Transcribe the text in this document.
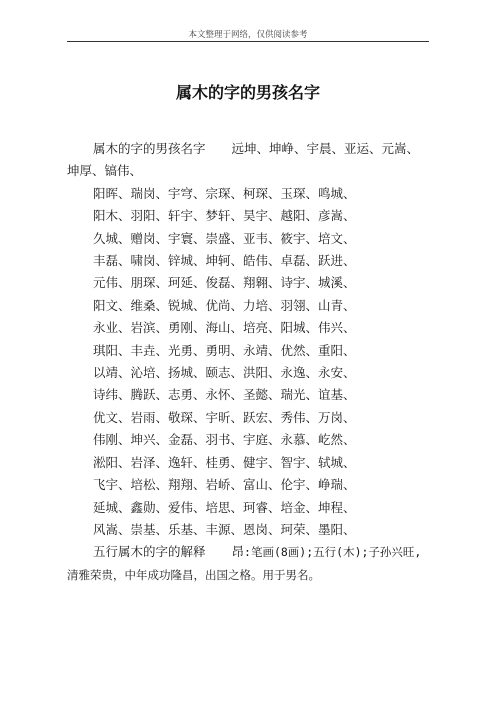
本文整理于网络，仅供阅读参考
属木的字的男孩名字
属木的字的男孩名字 远坤、坤峥、宇晨、亚运、元嵩、坤厚、镐伟、
阳晖、瑞岗、宇穹、宗琛、柯琛、玉琛、鸣城、
阳木、羽阳、轩宇、梦轩、昊宇、越阳、彦嵩、
久城、赠岗、宇寰、崇盛、亚韦、筱宇、培文、
丰磊、啸岗、锌城、坤轲、皓伟、卓磊、跃进、
元伟、朋琛、珂延、俊磊、翔翱、诗宇、城溪、
阳文、维桑、锐城、优尚、力培、羽翎、山青、
永业、岩滨、勇刚、海山、培亮、阳城、伟兴、
琪阳、丰垚、光勇、勇明、永靖、优然、重阳、
以靖、沁培、扬城、颐志、洪阳、永逸、永安、
诗纬、腾跃、志勇、永怀、圣懿、瑞光、谊基、
优文、岩雨、敬琛、宇昕、跃宏、秀伟、万岗、
伟刚、坤兴、金磊、羽书、宇庭、永慕、屹然、
淞阳、岩泽、逸轩、桂勇、健宇、智宇、轼城、
飞宇、培松、翔翔、岩峤、富山、伦宇、峥瑞、
延城、鑫勋、爱伟、培思、珂睿、培金、坤程、
风嵩、崇基、乐基、丰源、恩岗、珂荣、墨阳、
五行属木的字的解释 昂:笔画(8画);五行(木);子孙兴旺,清雅荣贵，中年成功隆昌，出国之格。用于男名。
